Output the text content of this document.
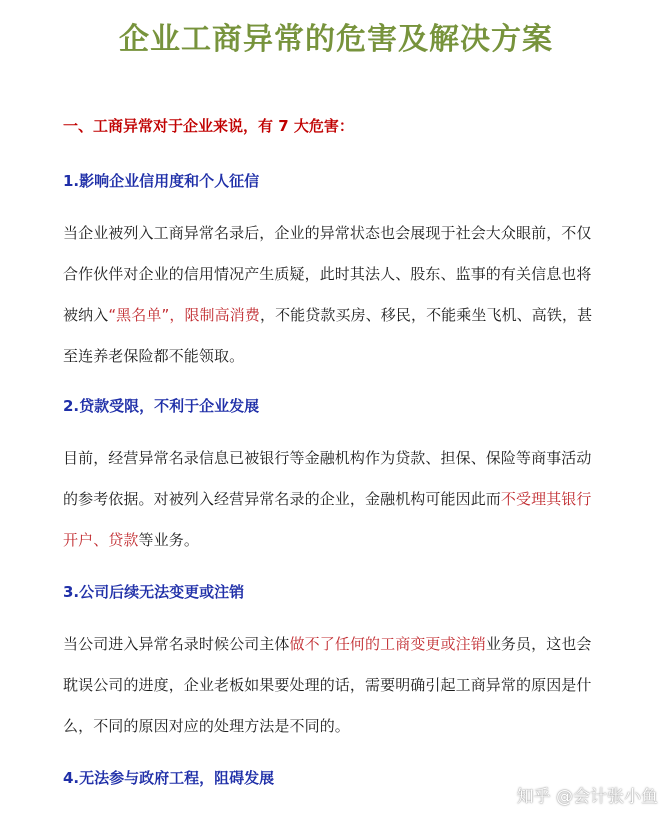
企业工商异常的危害及解决方案

一、工商异常对于企业来说，有 7 大危害：

1.影响企业信用度和个人征信

当企业被列入工商异常名录后，企业的异常状态也会展现于社会大众眼前，不仅合作伙伴对企业的信用情况产生质疑，此时其法人、股东、监事的有关信息也将被纳入“黑名单”，限制高消费，不能贷款买房、移民，不能乘坐飞机、高铁，甚至连养老保险都不能领取。

2.贷款受限，不利于企业发展

目前，经营异常名录信息已被银行等金融机构作为贷款、担保、保险等商事活动的参考依据。对被列入经营异常名录的企业，金融机构可能因此而不受理其银行开户、贷款等业务。

3.公司后续无法变更或注销

当公司进入异常名录时候公司主体做不了任何的工商变更或注销业务员，这也会耽误公司的进度，企业老板如果要处理的话，需要明确引起工商异常的原因是什么，不同的原因对应的处理方法是不同的。

4.无法参与政府工程，阻碍发展

知乎 @会计张小鱼
